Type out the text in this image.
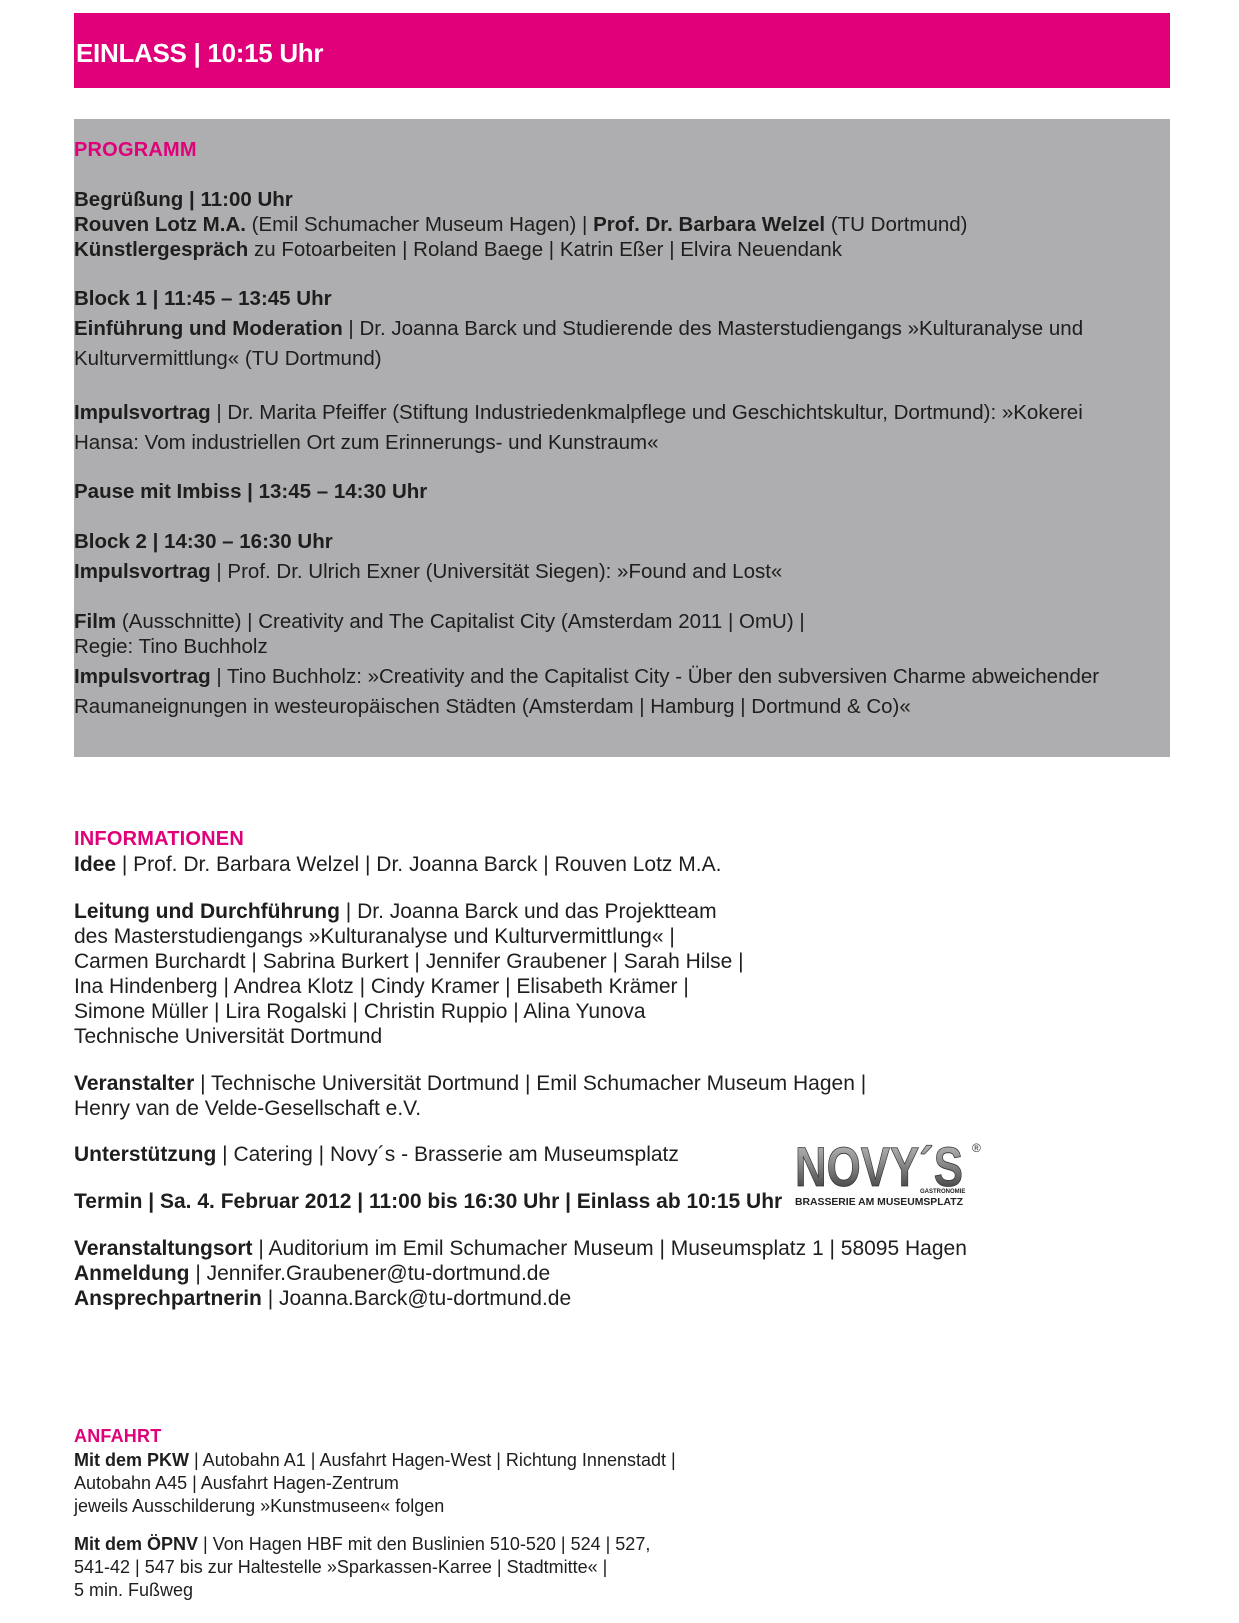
EINLASS | 10:15 Uhr
PROGRAMM
Begrüßung | 11:00 Uhr
Rouven Lotz M.A. (Emil Schumacher Museum Hagen) | Prof. Dr. Barbara Welzel (TU Dortmund)
Künstlergespräch zu Fotoarbeiten | Roland Baege | Katrin Eßer | Elvira Neuendank
Block 1 | 11:45 – 13:45 Uhr
Einführung und Moderation | Dr. Joanna Barck und Studierende des Masterstudiengangs »Kulturanalyse und
Kulturvermittlung« (TU Dortmund)
Impulsvortrag | Dr. Marita Pfeiffer (Stiftung Industriedenkmalpflege und Geschichtskultur, Dortmund): »Kokerei
Hansa: Vom industriellen Ort zum Erinnerungs- und Kunstraum«
Pause mit Imbiss | 13:45 – 14:30 Uhr
Block 2 | 14:30 – 16:30 Uhr
Impulsvortrag | Prof. Dr. Ulrich Exner (Universität Siegen): »Found and Lost«
Film (Ausschnitte) | Creativity and The Capitalist City (Amsterdam 2011 | OmU) |
Regie: Tino Buchholz
Impulsvortrag | Tino Buchholz: »Creativity and the Capitalist City - Über den subversiven Charme abweichender
Raumaneignungen in westeuropäischen Städten (Amsterdam | Hamburg | Dortmund & Co)«
INFORMATIONEN
Idee | Prof. Dr. Barbara Welzel | Dr. Joanna Barck | Rouven Lotz M.A.
Leitung und Durchführung | Dr. Joanna Barck und das Projektteam
des Masterstudiengangs »Kulturanalyse und Kulturvermittlung« |
Carmen Burchardt | Sabrina Burkert | Jennifer Graubener | Sarah Hilse |
Ina Hindenberg | Andrea Klotz | Cindy Kramer | Elisabeth Krämer |
Simone Müller | Lira Rogalski | Christin Ruppio | Alina Yunova
Technische Universität Dortmund
Veranstalter | Technische Universität Dortmund | Emil Schumacher Museum Hagen |
Henry van de Velde-Gesellschaft e.V.
Unterstützung | Catering | Novy´s - Brasserie am Museumsplatz
Termin | Sa. 4. Februar 2012 | 11:00 bis 16:30 Uhr | Einlass ab 10:15 Uhr
Veranstaltungsort | Auditorium im Emil Schumacher Museum | Museumsplatz 1 | 58095 Hagen
Anmeldung | Jennifer.Graubener@tu-dortmund.de
Ansprechpartnerin | Joanna.Barck@tu-dortmund.de
NOVY´S ®
GASTRONOMIE
BRASSERIE AM MUSEUMSPLATZ
ANFAHRT
Mit dem PKW | Autobahn A1 | Ausfahrt Hagen-West | Richtung Innenstadt |
Autobahn A45 | Ausfahrt Hagen-Zentrum
jeweils Ausschilderung »Kunstmuseen« folgen
Mit dem ÖPNV | Von Hagen HBF mit den Buslinien 510-520 | 524 | 527,
541-42 | 547 bis zur Haltestelle »Sparkassen-Karree | Stadtmitte« |
5 min. Fußweg
